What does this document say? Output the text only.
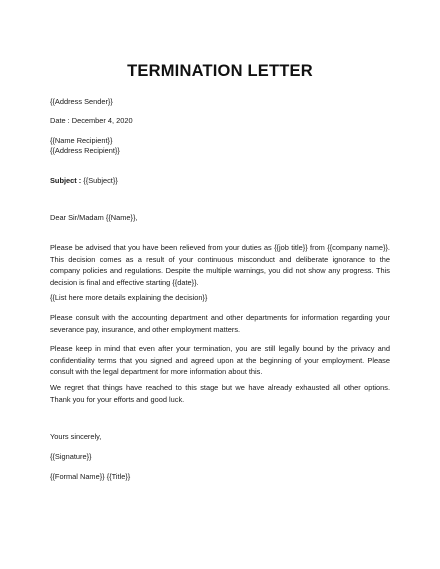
TERMINATION LETTER
{{Address Sender}}
Date : December 4, 2020
{{Name Recipient}}
{{Address Recipient}}
Subject : {{Subject}}
Dear Sir/Madam {{Name}},
Please be advised that you have been relieved from your duties as {{job title}} from {{company name}}. This decision comes as a result of your continuous misconduct and deliberate ignorance to the company policies and regulations. Despite the multiple warnings, you did not show any progress. This decision is final and effective starting {{date}}.
{{List here more details explaining the decision}}
Please consult with the accounting department and other departments for information regarding your severance pay, insurance, and other employment matters.
Please keep in mind that even after your termination, you are still legally bound by the privacy and confidentiality terms that you signed and agreed upon at the beginning of your employment. Please consult with the legal department for more information about this.
We regret that things have reached to this stage but we have already exhausted all other options. Thank you for your efforts and good luck.
Yours sincerely,
{{Signature}}
{{Formal Name}} {{Title}}
